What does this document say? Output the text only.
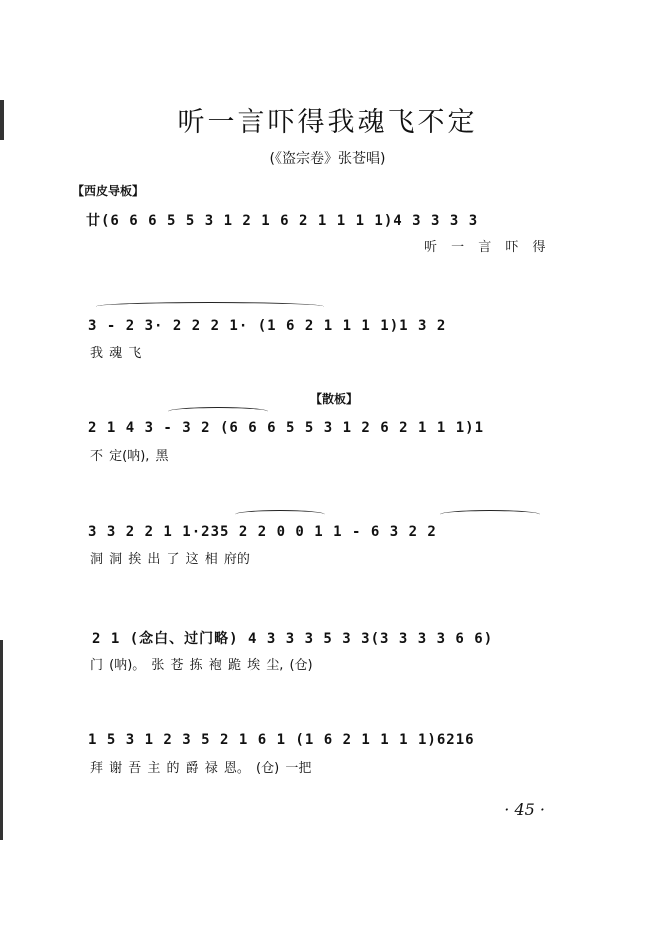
听一言吓得我魂飞不定
(《盗宗卷》张苍唱)
【西皮导板】
廿(6 6 6 5 5 3 1 2 1 6 2 1 1 1 1)4 3 3 3 3
听 一 言 吓 得
3 - 2 3· 2 2 2 1· (1 6 2 1 1 1 1)1 3 2
我 魂 飞
【散板】
2 1 4 3 - 3 2 (6 6 6 5 5 3 1 2 6 2 1 1 1)1
不 定(呐), 黑
3 3 2 2 1 1·235 2 2 0 0 1 1 - 6 3 2 2
洞 洞 挨 出 了 这 相 府的
2 1 (念白、过门略) 4 3 3 3 5 3 3(3 3 3 3 6 6)
门 (呐)。 张 苍 拣 袍 跪 埃 尘, (仓)
1 5 3 1 2 3 5 2 1 6 1 (1 6 2 1 1 1 1)6216
拜 谢 吾 主 的 爵 禄 恩。 (仓) 一把
· 45 ·
